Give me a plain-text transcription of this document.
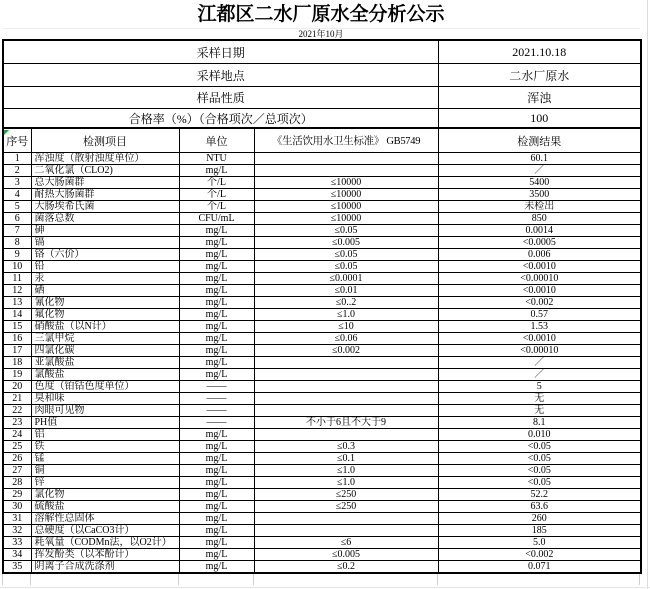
江都区二水厂原水全分析公示
2021年10月
采样日期				2021.10.18
采样地点				二水厂原水
样品性质				浑浊
合格率（%）（合格项次／总项次）				100
序号	检测项目	单位	《生活饮用水卫生标准》 GB5749	检测结果
1	浑浊度（散射浊度单位）	NTU		60.1
2	二氧化氯（CLO2)	mg/L		／
3	总大肠菌群	个/L	≤10000	5400
4	耐热大肠菌群	个/L	≤10000	3500
5	大肠埃希氏菌	个/L	≤10000	未检出
6	菌落总数	CFU/mL	≤10000	850
7	砷	mg/L	≤0.05	0.0014
8	镉	mg/L	≤0.005	<0.0005
9	铬（六价）	mg/L	≤0.05	0.006
10	铅	mg/L	≤0.05	<0.0010
11	汞	mg/L	≤0.0001	<0.00010
12	硒	mg/L	≤0.01	<0.0010
13	氰化物	mg/L	≤0..2	<0.002
14	氟化物	mg/L	≤1.0	0.57
15	硝酸盐（以N计）	mg/L	≤10	1.53
16	三氯甲烷	mg/L	≤0.06	<0.0010
17	四氯化碳	mg/L	≤0.002	<0.00010
18	亚氯酸盐	mg/L		／
19	氯酸盐	mg/L		／
20	色度（铂钴色度单位）	——		5
21	臭和味	——		无
22	肉眼可见物	——		无
23	PH值	——	不小于6且不大于9	8.1
24	铝	mg/L		0.010
25	铁	mg/L	≤0.3	<0.05
26	锰	mg/L	≤0.1	<0.05
27	铜	mg/L	≤1.0	<0.05
28	锌	mg/L	≤1.0	<0.05
29	氯化物	mg/L	≤250	52.2
30	硫酸盐	mg/L	≤250	63.6
31	溶解性总固体	mg/L		260
32	总硬度（以CaCO3计）	mg/L		185
33	耗氧量（CODMn法，以O2计）	mg/L	≤6	5.0
34	挥发酚类（以苯酚计）	mg/L	≤0.005	<0.002
35	阴离子合成洗涤剂	mg/L	≤0.2	0.071
